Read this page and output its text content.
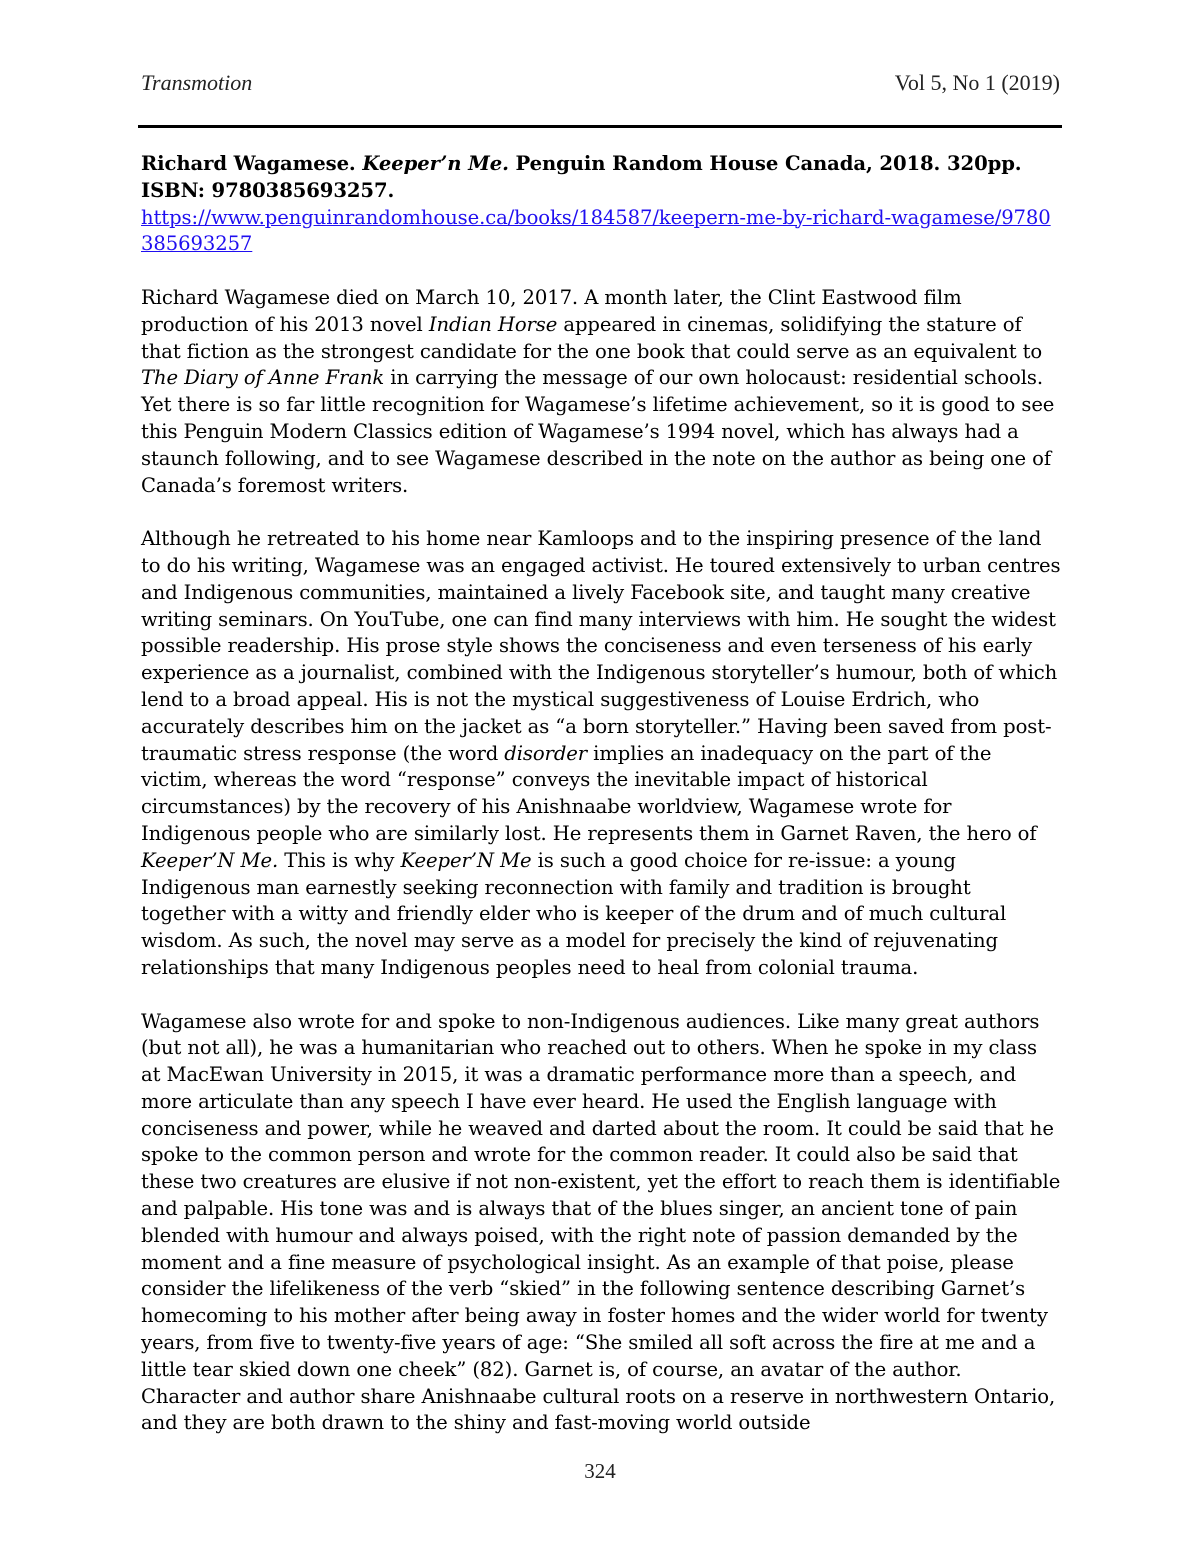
Transmotion	Vol 5, No 1 (2019)
Richard Wagamese. Keeper’n Me. Penguin Random House Canada, 2018. 320pp. ISBN: 9780385693257.
https://www.penguinrandomhouse.ca/books/184587/keepern-me-by-richard-wagamese/9780385693257

Richard Wagamese died on March 10, 2017. A month later, the Clint Eastwood film production of his 2013 novel Indian Horse appeared in cinemas, solidifying the stature of that fiction as the strongest candidate for the one book that could serve as an equivalent to The Diary of Anne Frank in carrying the message of our own holocaust: residential schools. Yet there is so far little recognition for Wagamese’s lifetime achievement, so it is good to see this Penguin Modern Classics edition of Wagamese’s 1994 novel, which has always had a staunch following, and to see Wagamese described in the note on the author as being one of Canada’s foremost writers.

Although he retreated to his home near Kamloops and to the inspiring presence of the land to do his writing, Wagamese was an engaged activist. He toured extensively to urban centres and Indigenous communities, maintained a lively Facebook site, and taught many creative writing seminars. On YouTube, one can find many interviews with him. He sought the widest possible readership. His prose style shows the conciseness and even terseness of his early experience as a journalist, combined with the Indigenous storyteller’s humour, both of which lend to a broad appeal. His is not the mystical suggestiveness of Louise Erdrich, who accurately describes him on the jacket as “a born storyteller.” Having been saved from post-traumatic stress response (the word disorder implies an inadequacy on the part of the victim, whereas the word “response” conveys the inevitable impact of historical circumstances) by the recovery of his Anishnaabe worldview, Wagamese wrote for Indigenous people who are similarly lost. He represents them in Garnet Raven, the hero of Keeper’N Me. This is why Keeper’N Me is such a good choice for re-issue: a young Indigenous man earnestly seeking reconnection with family and tradition is brought together with a witty and friendly elder who is keeper of the drum and of much cultural wisdom. As such, the novel may serve as a model for precisely the kind of rejuvenating relationships that many Indigenous peoples need to heal from colonial trauma.

Wagamese also wrote for and spoke to non-Indigenous audiences. Like many great authors (but not all), he was a humanitarian who reached out to others. When he spoke in my class at MacEwan University in 2015, it was a dramatic performance more than a speech, and more articulate than any speech I have ever heard. He used the English language with conciseness and power, while he weaved and darted about the room. It could be said that he spoke to the common person and wrote for the common reader. It could also be said that these two creatures are elusive if not non-existent, yet the effort to reach them is identifiable and palpable. His tone was and is always that of the blues singer, an ancient tone of pain blended with humour and always poised, with the right note of passion demanded by the moment and a fine measure of psychological insight. As an example of that poise, please consider the lifelikeness of the verb “skied” in the following sentence describing Garnet’s homecoming to his mother after being away in foster homes and the wider world for twenty years, from five to twenty-five years of age: “She smiled all soft across the fire at me and a little tear skied down one cheek” (82). Garnet is, of course, an avatar of the author. Character and author share Anishnaabe cultural roots on a reserve in northwestern Ontario, and they are both drawn to the shiny and fast-moving world outside

324
